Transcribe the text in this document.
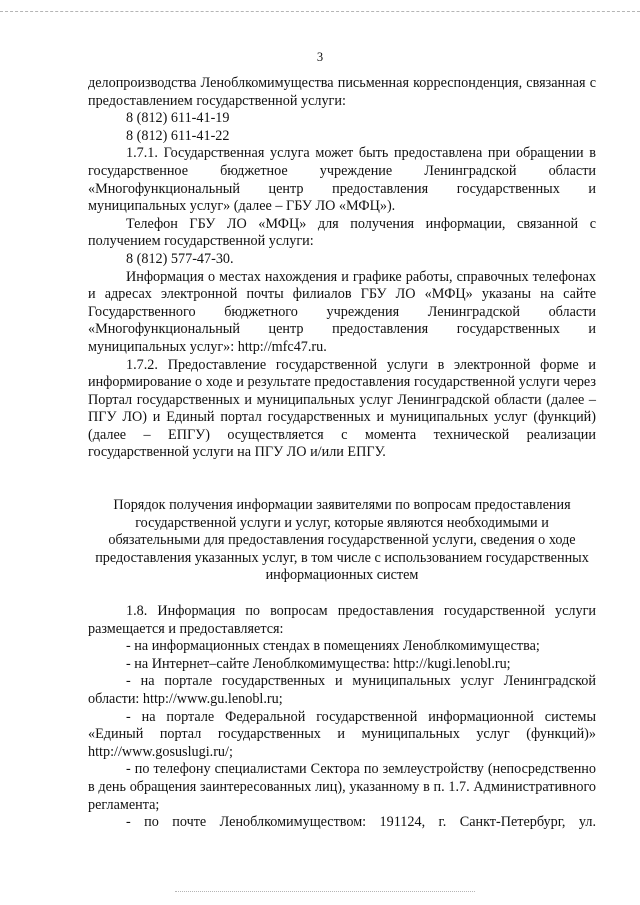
3

делопроизводства Леноблкомимущества письменная корреспонденция, связанная с предоставлением государственной услуги:

8 (812) 611-41-19

8 (812) 611-41-22

1.7.1. Государственная услуга может быть предоставлена при обращении в государственное бюджетное учреждение Ленинградской области «Многофункциональный центр предоставления государственных и муниципальных услуг» (далее – ГБУ ЛО «МФЦ»).

Телефон ГБУ ЛО «МФЦ» для получения информации, связанной с получением государственной услуги:

8 (812) 577-47-30.

Информация о местах нахождения и графике работы, справочных телефонах и адресах электронной почты филиалов ГБУ ЛО «МФЦ» указаны на сайте Государственного бюджетного учреждения Ленинградской области «Многофункциональный центр предоставления государственных и муниципальных услуг»: http://mfc47.ru.

1.7.2. Предоставление государственной услуги в электронной форме и информирование о ходе и результате предоставления государственной услуги через Портал государственных и муниципальных услуг Ленинградской области (далее – ПГУ ЛО) и Единый портал государственных и муниципальных услуг (функций) (далее – ЕПГУ) осуществляется с момента технической реализации государственной услуги на ПГУ ЛО и/или ЕПГУ.

Порядок получения информации заявителями по вопросам предоставления государственной услуги и услуг, которые являются необходимыми и обязательными для предоставления государственной услуги, сведения о ходе предоставления указанных услуг, в том числе с использованием государственных информационных систем

1.8. Информация по вопросам предоставления государственной услуги размещается и предоставляется:

- на информационных стендах в помещениях Леноблкомимущества;

- на Интернет–сайте Леноблкомимущества: http://kugi.lenobl.ru;

- на портале государственных и муниципальных услуг Ленинградской области: http://www.gu.lenobl.ru;

- на портале Федеральной государственной информационной системы «Единый портал государственных и муниципальных услуг (функций)» http://www.gosuslugi.ru/;

- по телефону специалистами Сектора по землеустройству (непосредственно в день обращения заинтересованных лиц), указанному в п. 1.7. Административного регламента;

- по почте Леноблкомимуществом: 191124, г. Санкт-Петербург, ул.
